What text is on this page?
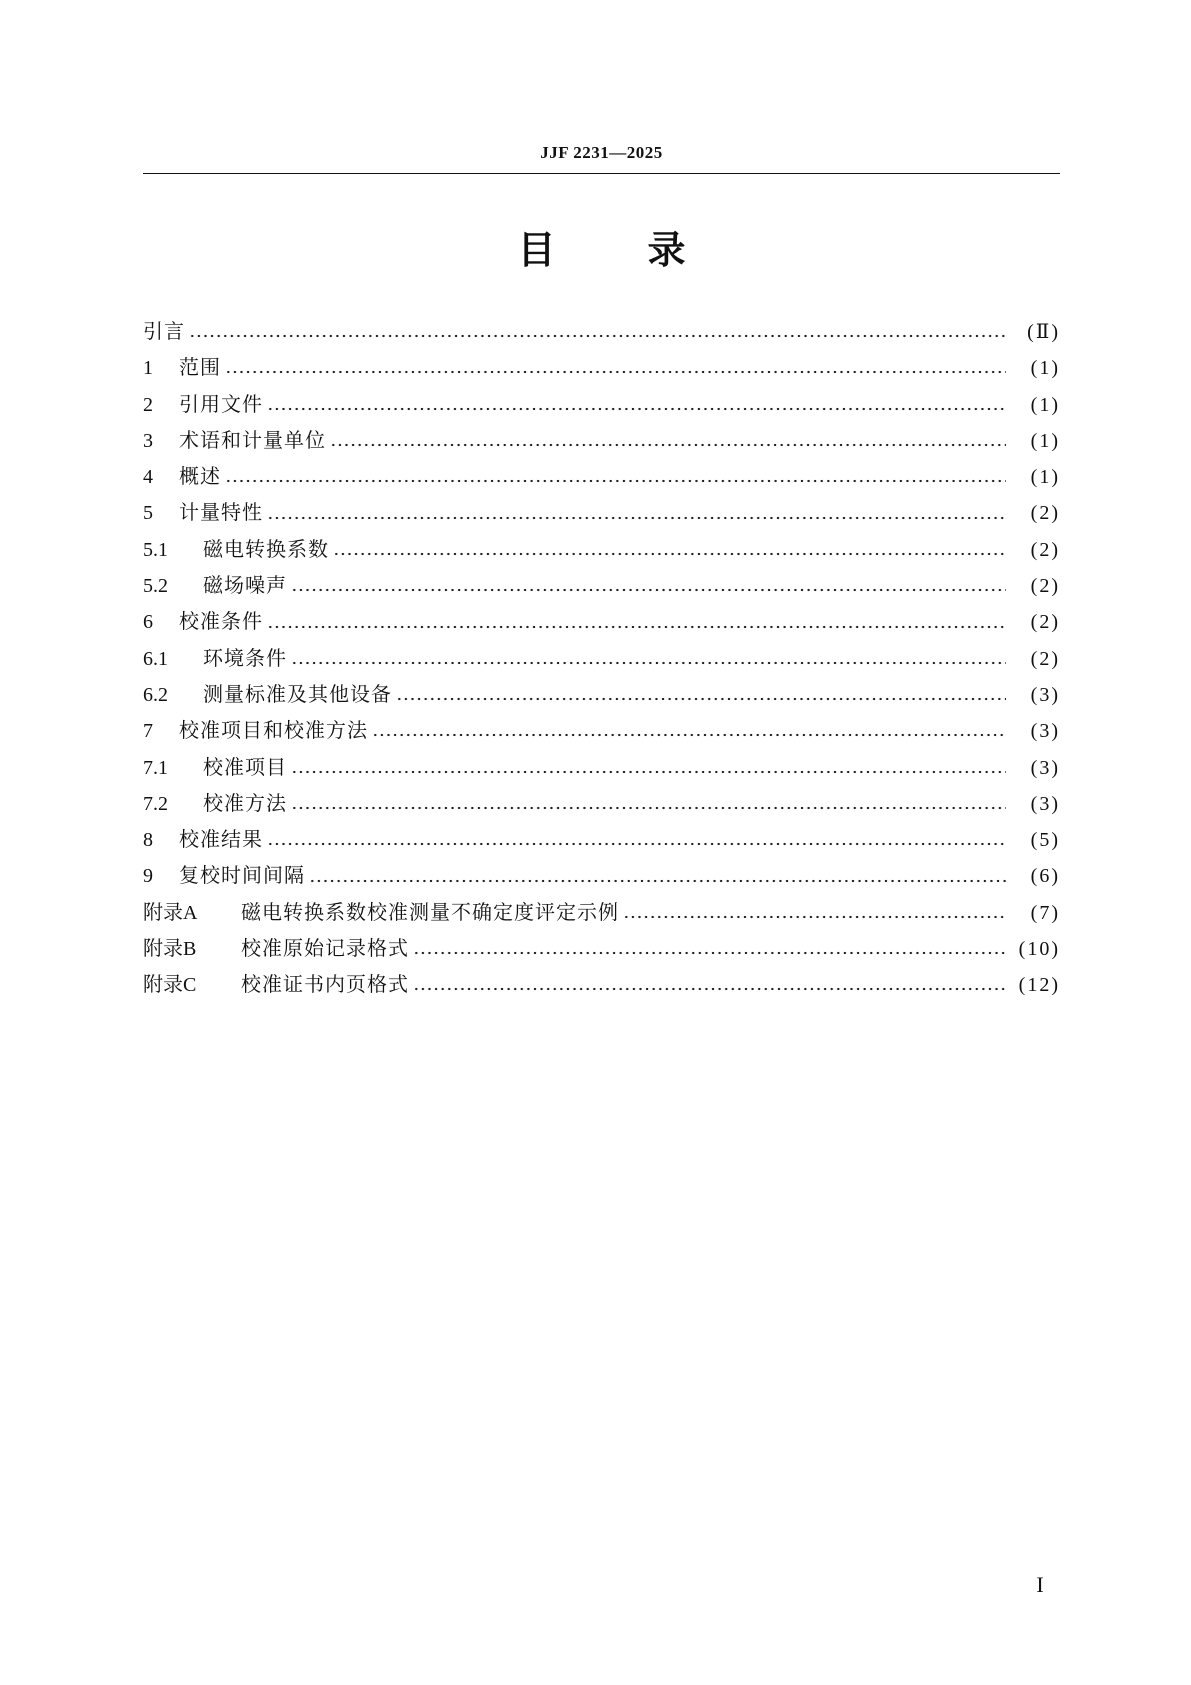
JJF 2231—2025
目 录
引言	(Ⅱ)
1	范围	(1)
2	引用文件	(1)
3	术语和计量单位	(1)
4	概述	(1)
5	计量特性	(2)
5.1	磁电转换系数	(2)
5.2	磁场噪声	(2)
6	校准条件	(2)
6.1	环境条件	(2)
6.2	测量标准及其他设备	(3)
7	校准项目和校准方法	(3)
7.1	校准项目	(3)
7.2	校准方法	(3)
8	校准结果	(5)
9	复校时间间隔	(6)
附录A	磁电转换系数校准测量不确定度评定示例	(7)
附录B	校准原始记录格式	(10)
附录C	校准证书内页格式	(12)
I
